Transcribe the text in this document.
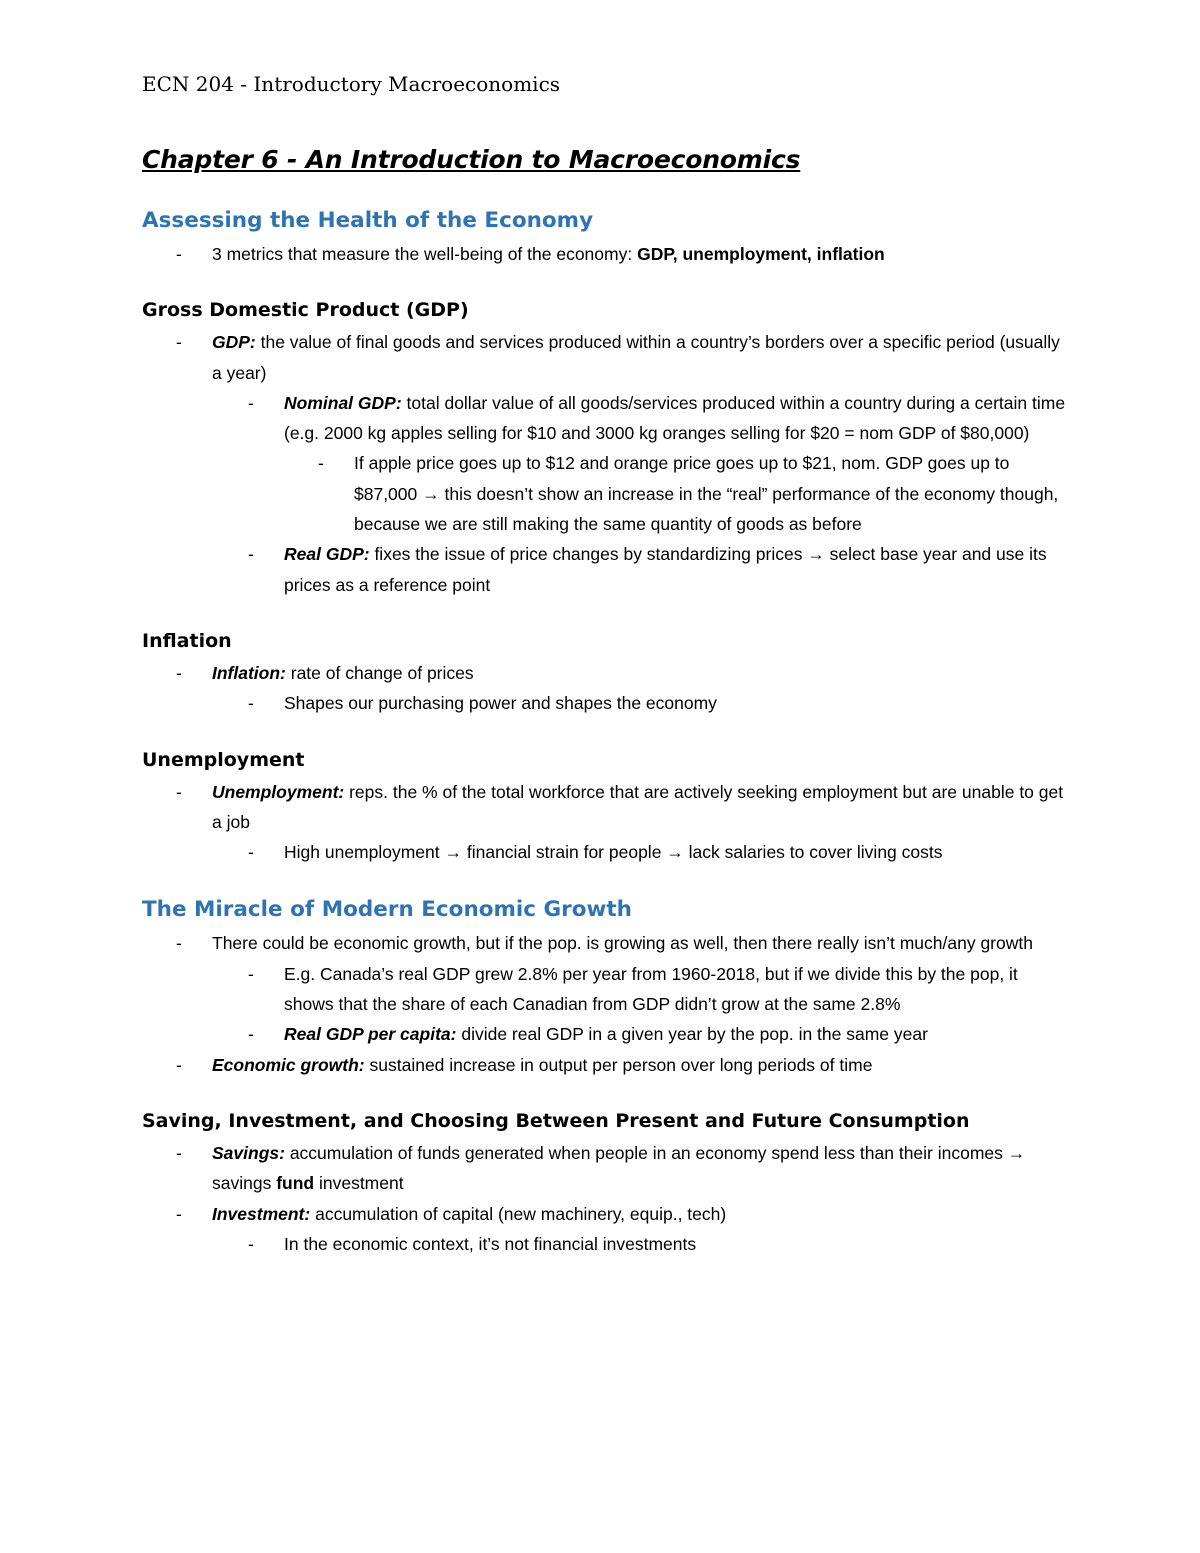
ECN 204 - Introductory Macroeconomics
Chapter 6 - An Introduction to Macroeconomics
Assessing the Health of the Economy
- 3 metrics that measure the well-being of the economy: GDP, unemployment, inflation
Gross Domestic Product (GDP)
- GDP: the value of final goods and services produced within a country’s borders over a specific period (usually a year)
- Nominal GDP: total dollar value of all goods/services produced within a country during a certain time (e.g. 2000 kg apples selling for $10 and 3000 kg oranges selling for $20 = nom GDP of $80,000)
- If apple price goes up to $12 and orange price goes up to $21, nom. GDP goes up to $87,000 → this doesn’t show an increase in the “real” performance of the economy though, because we are still making the same quantity of goods as before
- Real GDP: fixes the issue of price changes by standardizing prices → select base year and use its prices as a reference point
Inflation
- Inflation: rate of change of prices
- Shapes our purchasing power and shapes the economy
Unemployment
- Unemployment: reps. the % of the total workforce that are actively seeking employment but are unable to get a job
- High unemployment → financial strain for people → lack salaries to cover living costs
The Miracle of Modern Economic Growth
- There could be economic growth, but if the pop. is growing as well, then there really isn’t much/any growth
- E.g. Canada’s real GDP grew 2.8% per year from 1960-2018, but if we divide this by the pop, it shows that the share of each Canadian from GDP didn’t grow at the same 2.8%
- Real GDP per capita: divide real GDP in a given year by the pop. in the same year
- Economic growth: sustained increase in output per person over long periods of time
Saving, Investment, and Choosing Between Present and Future Consumption
- Savings: accumulation of funds generated when people in an economy spend less than their incomes → savings fund investment
- Investment: accumulation of capital (new machinery, equip., tech)
- In the economic context, it’s not financial investments
